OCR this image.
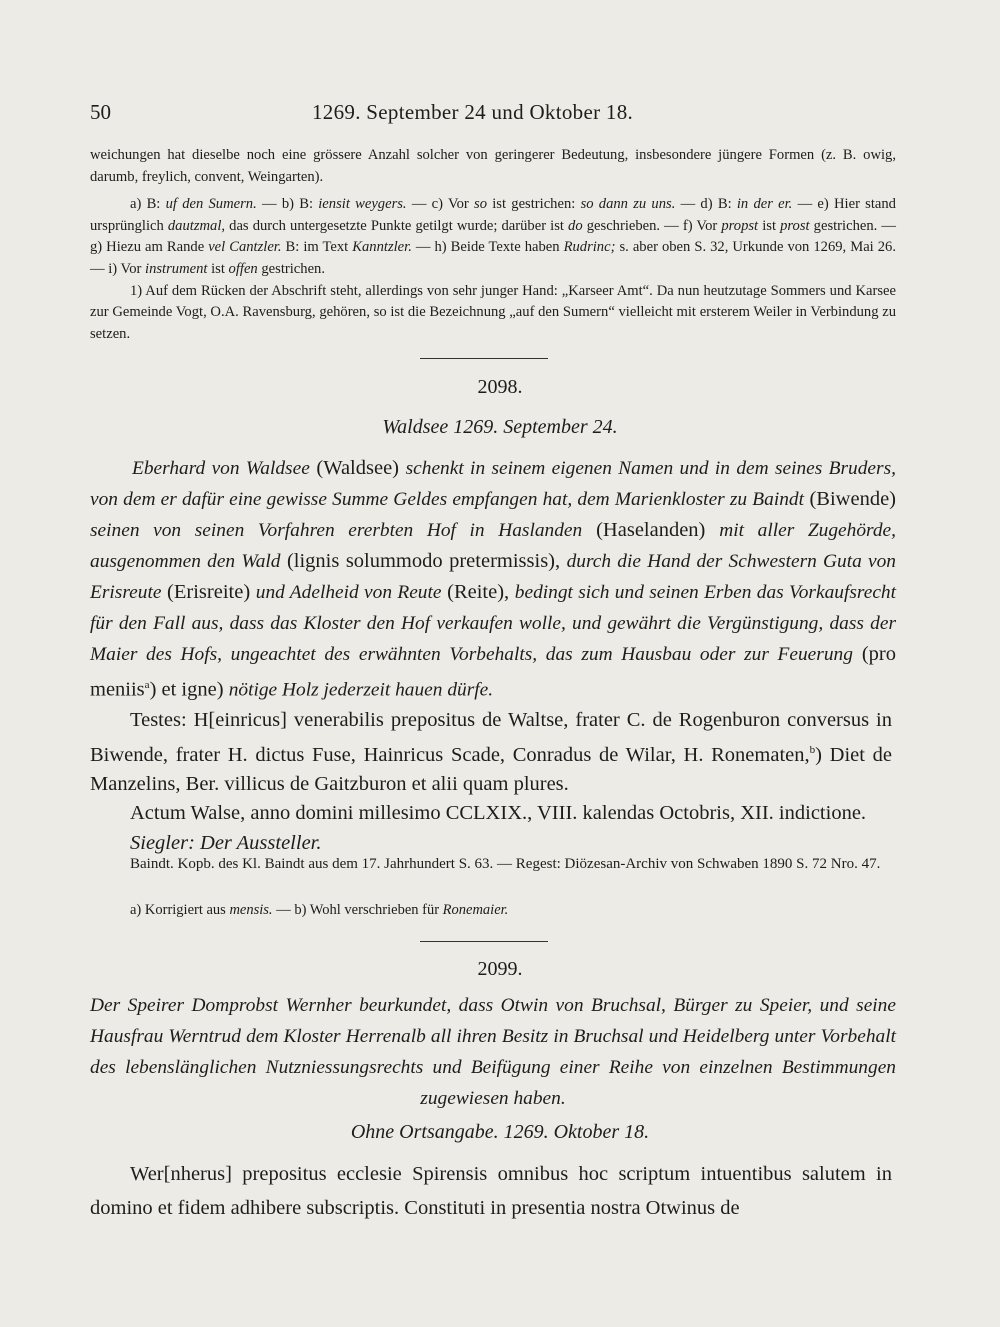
50	1269. September 24 und Oktober 18.

weichungen hat dieselbe noch eine grössere Anzahl solcher von geringerer Bedeutung, insbesondere jüngere Formen (z. B. owig, darumb, freylich, convent, Weingarten).

a) B: uf den Sumern. — b) B: iensit weygers. — c) Vor so ist gestrichen: so dann zu uns. — d) B: in der er. — e) Hier stand ursprünglich dautzmal, das durch untergesetzte Punkte getilgt wurde; darüber ist do geschrieben. — f) Vor propst ist prost gestrichen. — g) Hiezu am Rande vel Cantzler. B: im Text Kanntzler. — h) Beide Texte haben Rudrinc; s. aber oben S. 32, Urkunde von 1269, Mai 26. — i) Vor instrument ist offen gestrichen.

1) Auf dem Rücken der Abschrift steht, allerdings von sehr junger Hand: „Karseer Amt“. Da nun heutzutage Sommers und Karsee zur Gemeinde Vogt, O.A. Ravensburg, gehören, so ist die Bezeichnung „auf den Sumern“ vielleicht mit ersterem Weiler in Verbindung zu setzen.

2098.
Waldsee 1269. September 24.

Eberhard von Waldsee (Waldsee) schenkt in seinem eigenen Namen und in dem seines Bruders, von dem er dafür eine gewisse Summe Geldes empfangen hat, dem Marienkloster zu Baindt (Biwende) seinen von seinen Vorfahren ererbten Hof in Haslanden (Haselanden) mit aller Zugehörde, ausgenommen den Wald (lignis solummodo pretermissis), durch die Hand der Schwestern Guta von Erisreute (Erisreite) und Adelheid von Reute (Reite), bedingt sich und seinen Erben das Vorkaufsrecht für den Fall aus, dass das Kloster den Hof verkaufen wolle, und gewährt die Vergünstigung, dass der Maier des Hofs, ungeachtet des erwähnten Vorbehalts, das zum Hausbau oder zur Feuerung (pro meniis$^a$) et igne) nötige Holz jederzeit hauen dürfe.

Testes: H[einricus] venerabilis prepositus de Waltse, frater C. de Rogenburon conversus in Biwende, frater H. dictus Fuse, Hainricus Scade, Conradus de Wilar, H. Ronematen,$^b$) Diet de Manzelins, Ber. villicus de Gaitzburon et alii quam plures.

Actum Walse, anno domini millesimo CCLXIX., VIII. kalendas Octobris, XII. indictione.

Siegler: Der Aussteller.

Baindt. Kopb. des Kl. Baindt aus dem 17. Jahrhundert S. 63. — Regest: Diözesan-Archiv von Schwaben 1890 S. 72 Nro. 47.

a) Korrigiert aus mensis. — b) Wohl verschrieben für Ronemaier.
2099.

Der Speirer Domprobst Wernher beurkundet, dass Otwin von Bruchsal, Bürger zu Speier, und seine Hausfrau Werntrud dem Kloster Herrenalb all ihren Besitz in Bruchsal und Heidelberg unter Vorbehalt des lebenslänglichen Nutzniessungsrechts und Beifügung einer Reihe von einzelnen Bestimmungen zugewiesen haben.

Ohne Ortsangabe. 1269. Oktober 18.

Wer[nherus] prepositus ecclesie Spirensis omnibus hoc scriptum intuentibus salutem in domino et fidem adhibere subscriptis. Constituti in presentia nostra Otwinus de
